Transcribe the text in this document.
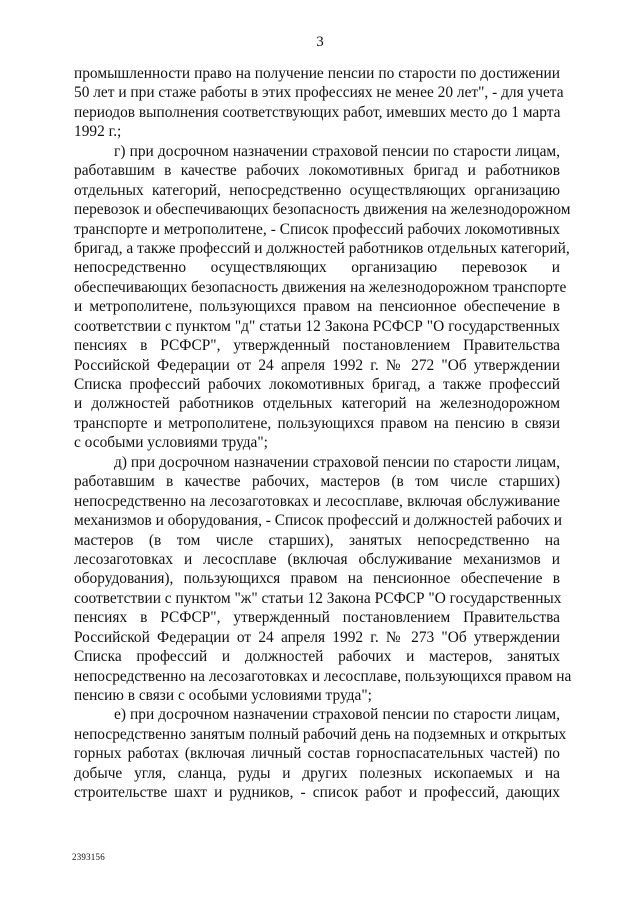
3
промышленности право на получение пенсии по старости по достижении
50 лет и при стаже работы в этих профессиях не менее 20 лет", - для учета
периодов выполнения соответствующих работ, имевших место до 1 марта
1992 г.;
г) при досрочном назначении страховой пенсии по старости лицам,
работавшим в качестве рабочих локомотивных бригад и работников
отдельных категорий, непосредственно осуществляющих организацию
перевозок и обеспечивающих безопасность движения на железнодорожном
транспорте и метрополитене, - Список профессий рабочих локомотивных
бригад, а также профессий и должностей работников отдельных категорий,
непосредственно осуществляющих организацию перевозок и
обеспечивающих безопасность движения на железнодорожном транспорте
и метрополитене, пользующихся правом на пенсионное обеспечение в
соответствии с пунктом "д" статьи 12 Закона РСФСР "О государственных
пенсиях в РСФСР", утвержденный постановлением Правительства
Российской Федерации от 24 апреля 1992 г. № 272 "Об утверждении
Списка профессий рабочих локомотивных бригад, а также профессий
и должностей работников отдельных категорий на железнодорожном
транспорте и метрополитене, пользующихся правом на пенсию в связи
с особыми условиями труда";
д) при досрочном назначении страховой пенсии по старости лицам,
работавшим в качестве рабочих, мастеров (в том числе старших)
непосредственно на лесозаготовках и лесосплаве, включая обслуживание
механизмов и оборудования, - Список профессий и должностей рабочих и
мастеров (в том числе старших), занятых непосредственно на
лесозаготовках и лесосплаве (включая обслуживание механизмов и
оборудования), пользующихся правом на пенсионное обеспечение в
соответствии с пунктом "ж" статьи 12 Закона РСФСР "О государственных
пенсиях в РСФСР", утвержденный постановлением Правительства
Российской Федерации от 24 апреля 1992 г. № 273 "Об утверждении
Списка профессий и должностей рабочих и мастеров, занятых
непосредственно на лесозаготовках и лесосплаве, пользующихся правом на
пенсию в связи с особыми условиями труда";
е) при досрочном назначении страховой пенсии по старости лицам,
непосредственно занятым полный рабочий день на подземных и открытых
горных работах (включая личный состав горноспасательных частей) по
добыче угля, сланца, руды и других полезных ископаемых и на
строительстве шахт и рудников, - список работ и профессий, дающих
2393156
